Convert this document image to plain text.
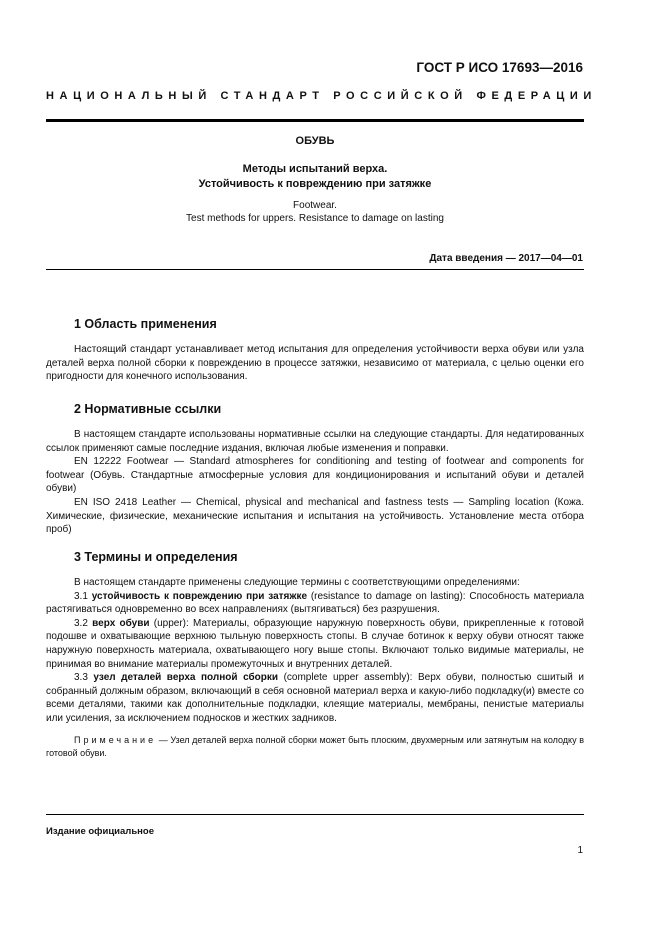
ГОСТ Р ИСО 17693—2016
НАЦИОНАЛЬНЫЙ СТАНДАРТ РОССИЙСКОЙ ФЕДЕРАЦИИ
ОБУВЬ
Методы испытаний верха.
Устойчивость к повреждению при затяжке
Footwear.
Test methods for uppers. Resistance to damage on lasting
Дата введения — 2017—04—01
1 Область применения

Настоящий стандарт устанавливает метод испытания для определения устойчивости верха обуви или узла деталей верха полной сборки к повреждению в процессе затяжки, независимо от материала, с целью оценки его пригодности для конечного использования.

2 Нормативные ссылки

В настоящем стандарте использованы нормативные ссылки на следующие стандарты. Для недатированных ссылок применяют самые последние издания, включая любые изменения и поправки.

EN 12222 Footwear — Standard atmospheres for conditioning and testing of footwear and components for footwear (Обувь. Стандартные атмосферные условия для кондиционирования и испытаний обуви и деталей обуви)

EN ISO 2418 Leather — Chemical, physical and mechanical and fastness tests — Sampling location (Кожа. Химические, физические, механические испытания и испытания на устойчивость. Установление места отбора проб)

3 Термины и определения

В настоящем стандарте применены следующие термины с соответствующими определениями:

3.1 устойчивость к повреждению при затяжке (resistance to damage on lasting): Способность материала растягиваться одновременно во всех направлениях (вытягиваться) без разрушения.

3.2 верх обуви (upper): Материалы, образующие наружную поверхность обуви, прикрепленные к готовой подошве и охватывающие верхнюю тыльную поверхность стопы. В случае ботинок к верху обуви относят также наружную поверхность материала, охватывающего ногу выше стопы. Включают только видимые материалы, не принимая во внимание материалы промежуточных и внутренних деталей.

3.3 узел деталей верха полной сборки (complete upper assembly): Верх обуви, полностью сшитый и собранный должным образом, включающий в себя основной материал верха и какую-либо подкладку(и) вместе со всеми деталями, такими как дополнительные подкладки, клеящие материалы, мембраны, пенистые материалы или усиления, за исключением подносков и жестких задников.

Примечание — Узел деталей верха полной сборки может быть плоским, двухмерным или затянутым на колодку в готовой обуви.

Издание официальное
1
